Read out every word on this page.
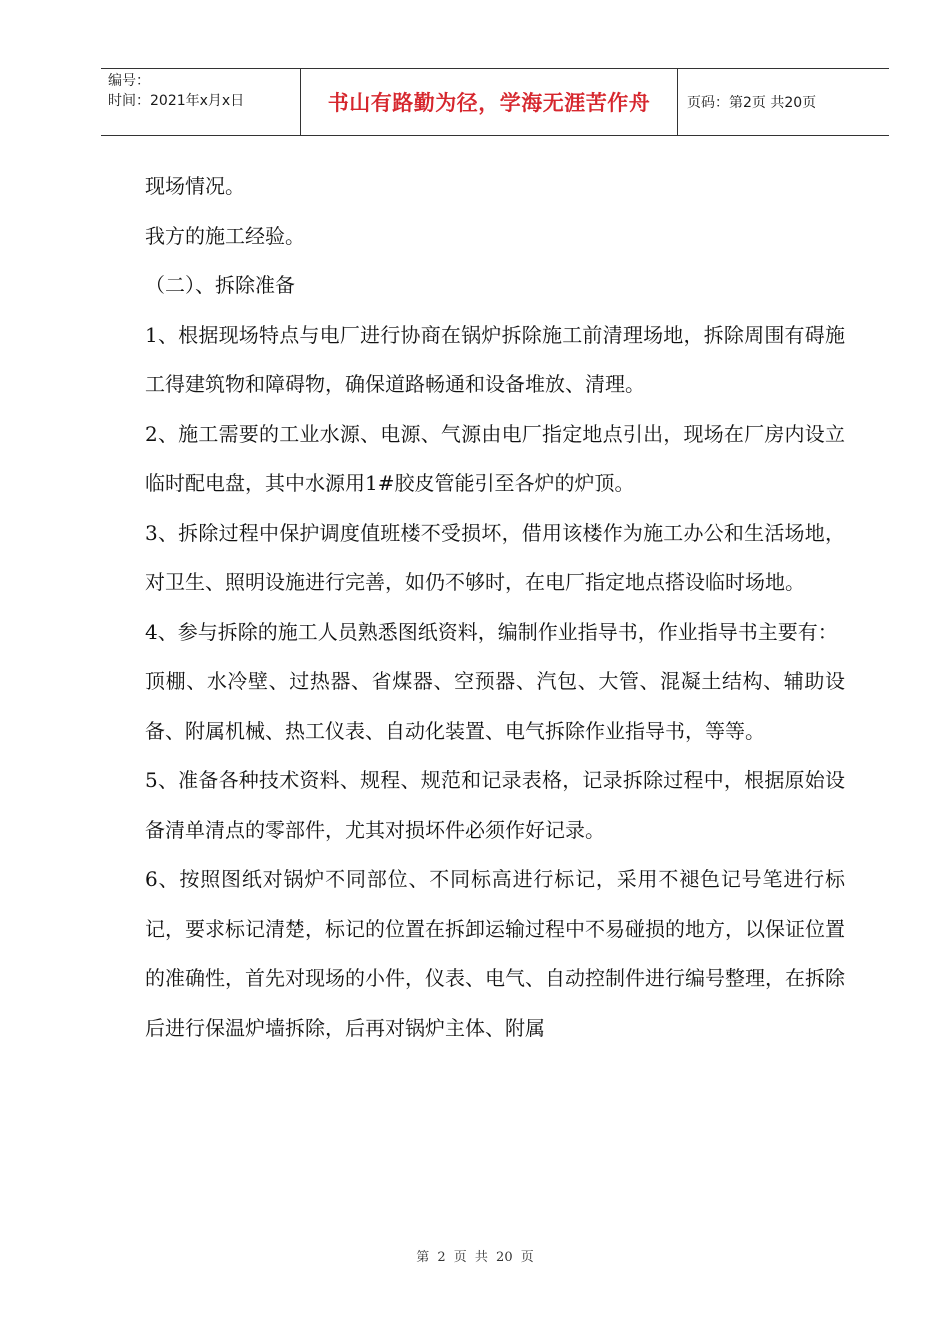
编号：
时间：2021年x月x日	书山有路勤为径，学海无涯苦作舟	页码：第2页 共20页

现场情况。

我方的施工经验。

（二）、拆除准备

1、根据现场特点与电厂进行协商在锅炉拆除施工前清理场地，拆除周围有碍施工得建筑物和障碍物，确保道路畅通和设备堆放、清理。

2、施工需要的工业水源、电源、气源由电厂指定地点引出，现场在厂房内设立临时配电盘，其中水源用1#胶皮管能引至各炉的炉顶。

3、拆除过程中保护调度值班楼不受损坏，借用该楼作为施工办公和生活场地，对卫生、照明设施进行完善，如仍不够时，在电厂指定地点搭设临时场地。

4、参与拆除的施工人员熟悉图纸资料，编制作业指导书，作业指导书主要有：

顶棚、水冷壁、过热器、省煤器、空预器、汽包、大管、混凝土结构、辅助设备、附属机械、热工仪表、自动化装置、电气拆除作业指导书，等等。

5、准备各种技术资料、规程、规范和记录表格，记录拆除过程中，根据原始设备清单清点的零部件，尤其对损坏件必须作好记录。

6、按照图纸对锅炉不同部位、不同标高进行标记，采用不褪色记号笔进行标记，要求标记清楚，标记的位置在拆卸运输过程中不易碰损的地方，以保证位置的准确性，首先对现场的小件，仪表、电气、自动控制件进行编号整理，在拆除后进行保温炉墙拆除，后再对锅炉主体、附属

第 2 页 共 20 页
